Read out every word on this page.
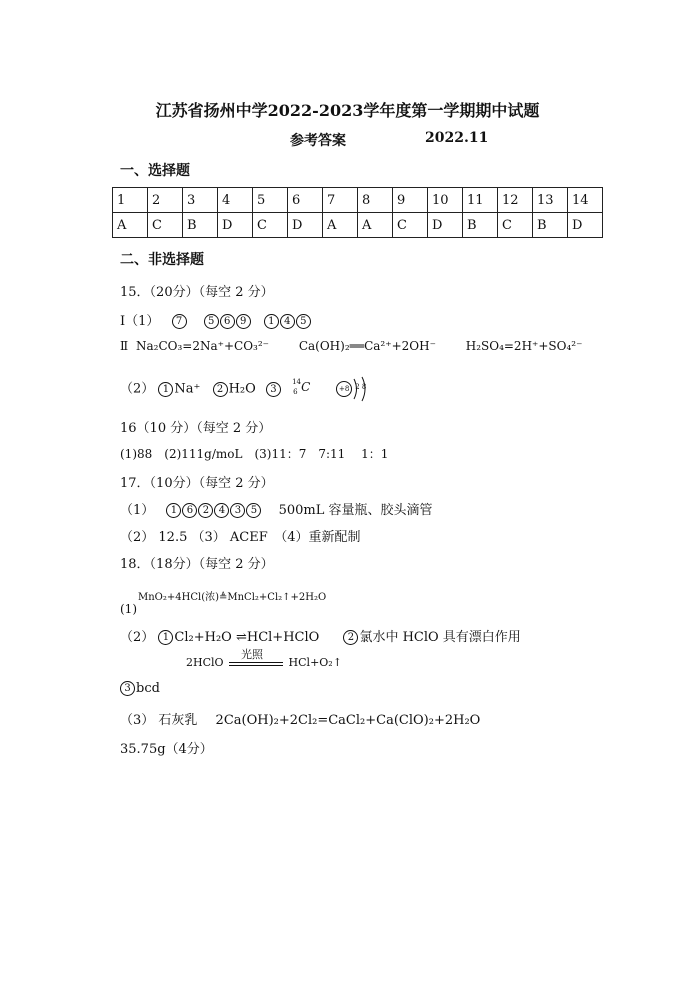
江苏省扬州中学2022-2023学年度第一学期期中试题
参考答案	2022.11
一、选择题
1	2	3	4	5	6	7	8	9	10	11	12	13	14
A	C	B	D	C	D	A	A	C	D	B	C	B	D
二、非选择题
15．（20分）（每空 2 分）
Ⅰ（1） 7	5 6 9 1 4 5
Ⅱ Na₂CO₃=2Na⁺+CO₃²⁻ Ca(OH)₂══Ca²⁺+2OH⁻ H₂SO₄=2H⁺+SO₄²⁻
（2） 1 Na⁺ 2 H₂O 3
14
6 C
	+8 2 8
16（10 分）（每空 2 分）
(1)88　(2)111g/moL　(3)11：7　7:11　 1：1
17．（10分）（每空 2 分）
（1） 1 6 2 4 3 5 500mL 容量瓶、胶头滴管
（2） 12.5 （3） ACEF　（4）重新配制
18．（18分）（每空 2 分）
MnO₂+4HCl(浓)≜MnCl₂+Cl₂↑+2H₂O
(1)
（2） 1 Cl₂+H₂O ⇌HCl+HClO	2 氯水中 HClO 具有漂白作用
2HClO
光照
HCl+O₂↑
3 bcd
（3） 石灰乳 2Ca(OH)₂+2Cl₂=CaCl₂+Ca(ClO)₂+2H₂O
35.75g（4分）
